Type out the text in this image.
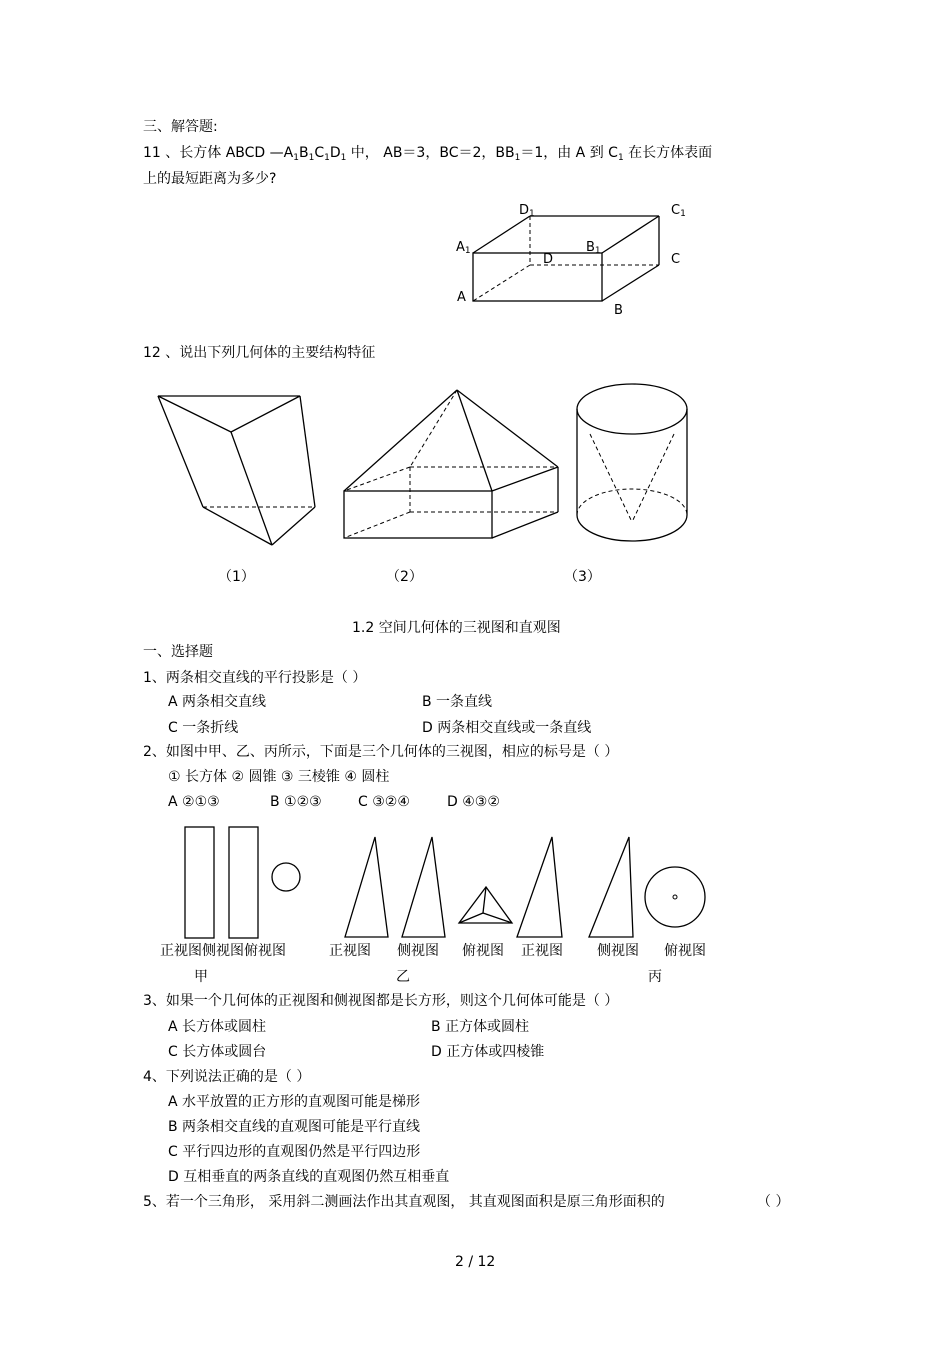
三、解答题:
11 、长方体 ABCD $—A_1B_1C_1D_1$ 中， AB＝3，BC＝2，$BB_1=1$，由 A 到 $C_1$ 在长方体表面
上的最短距离为多少?
12 、说出下列几何体的主要结构特征
（1）	（2）	（3）
1.2 空间几何体的三视图和直观图
一、选择题
1、两条相交直线的平行投影是（ ）
A 两条相交直线	B 一条直线
C 一条折线	D 两条相交直线或一条直线
2、如图中甲、乙、丙所示，下面是三个几何体的三视图，相应的标号是（ ）
① 长方体 ② 圆锥 ③ 三棱锥 ④ 圆柱
A ②①③	B ①②③	C ③②④	D ④③②
正视图侧视图俯视图
甲
正视图 侧视图 俯视图
乙
正视图 侧视图 俯视图
丙
3、如果一个几何体的正视图和侧视图都是长方形，则这个几何体可能是（ ）
A 长方体或圆柱	B 正方体或圆柱
C 长方体或圆台	D 正方体或四棱锥
4、下列说法正确的是（ ）
A 水平放置的正方形的直观图可能是梯形
B 两条相交直线的直观图可能是平行直线
C 平行四边形的直观图仍然是平行四边形
D 互相垂直的两条直线的直观图仍然互相垂直
5、若一个三角形， 采用斜二测画法作出其直观图， 其直观图面积是原三角形面积的	（ ）
2 / 12
D1	C1
A1	B1
D	C
A
B
